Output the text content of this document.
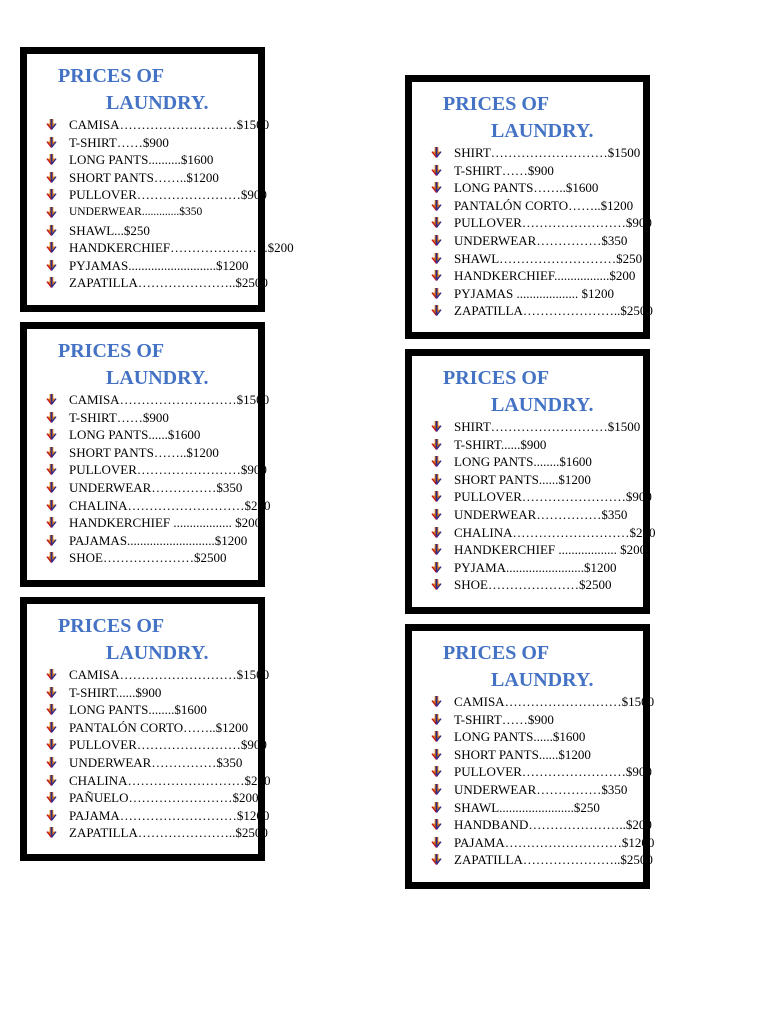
PRICES OF
LAUNDRY.
CAMISA………………………$1500
T-SHIRT……$900
LONG PANTS..........$1600
SHORT PANTS……..$1200
PULLOVER……………………$900
UNDERWEAR.............$350
SHAWL...$250
HANDKERCHIEF…………………..$200
PYJAMAS...........................$1200
ZAPATILLA…………………..$2500
PRICES OF
LAUNDRY.
SHIRT………………………$1500
T-SHIRT……$900
LONG PANTS……..$1600
PANTALÓN CORTO……..$1200
PULLOVER……………………$900
UNDERWEAR……………$350
SHAWL………………………$250
HANDKERCHIEF.................$200
PYJAMAS ................... $1200
ZAPATILLA…………………..$2500
PRICES OF
LAUNDRY.
CAMISA………………………$1500
T-SHIRT……$900
LONG PANTS......$1600
SHORT PANTS……..$1200
PULLOVER……………………$900
UNDERWEAR……………$350
CHALINA………………………$250
HANDKERCHIEF .................. $200
PAJAMAS...........................$1200
SHOE…………………$2500
PRICES OF
LAUNDRY.
SHIRT………………………$1500
T-SHIRT......$900
LONG PANTS........$1600
SHORT PANTS......$1200
PULLOVER……………………$900
UNDERWEAR……………$350
CHALINA………………………$250
HANDKERCHIEF .................. $200
PYJAMA........................$1200
SHOE…………………$2500
PRICES OF
LAUNDRY.
CAMISA………………………$1500
T-SHIRT......$900
LONG PANTS........$1600
PANTALÓN CORTO……..$1200
PULLOVER……………………$900
UNDERWEAR……………$350
CHALINA………………………$250
PAÑUELO……………………$200
PAJAMA………………………$1200
ZAPATILLA…………………..$2500
PRICES OF
LAUNDRY.
CAMISA………………………$1500
T-SHIRT……$900
LONG PANTS......$1600
SHORT PANTS......$1200
PULLOVER……………………$900
UNDERWEAR……………$350
SHAWL.......................$250
HANDBAND…………………..$200
PAJAMA………………………$1200
ZAPATILLA…………………..$2500
